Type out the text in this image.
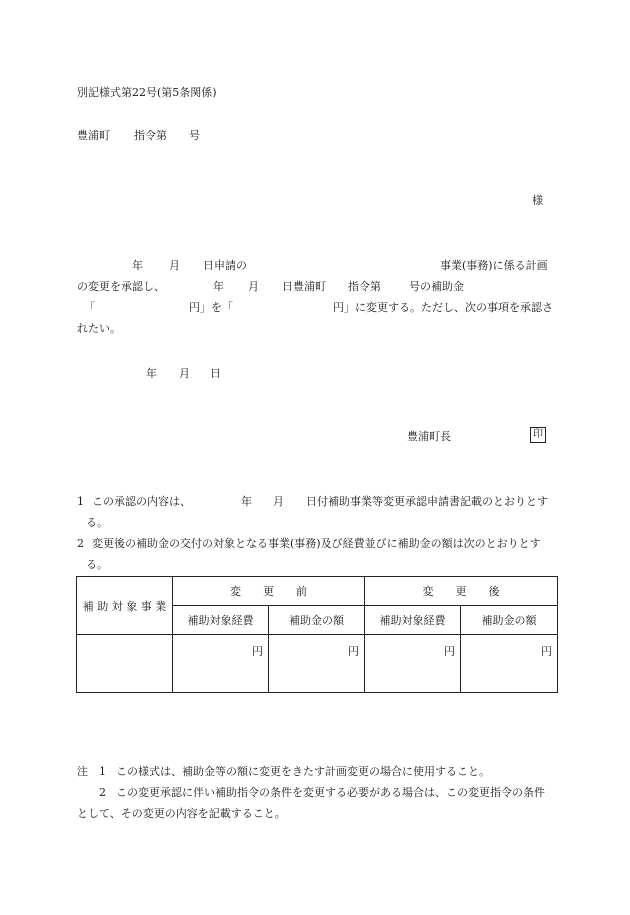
別記様式第22号(第5条関係)
豊浦町 指令第 号
様
年 月 日申請の	事業(事務)に係る計画
の変更を承認し、	年 月 日豊浦町 指令第	号の補助金
「	円」を「	円」に変更する。ただし、次の事項を承認さ
れたい。
年 月 日
豊浦町長	印
1 この承認の内容は、	年 月 日付補助事業等変更承認申請書記載のとおりとす
る。
2 変更後の補助金の交付の対象となる事業(事務)及び経費並びに補助金の額は次のとおりとす
る。
補 助 対 象 事 業	変　　更　　前		変　　更　　後	
	補助対象経費	補助金の額	補助対象経費	補助金の額
	円	円	円	円
注 1 この様式は、補助金等の額に変更をきたす計画変更の場合に使用すること。
2 この変更承認に伴い補助指令の条件を変更する必要がある場合は、この変更指令の条件
として、その変更の内容を記載すること。
